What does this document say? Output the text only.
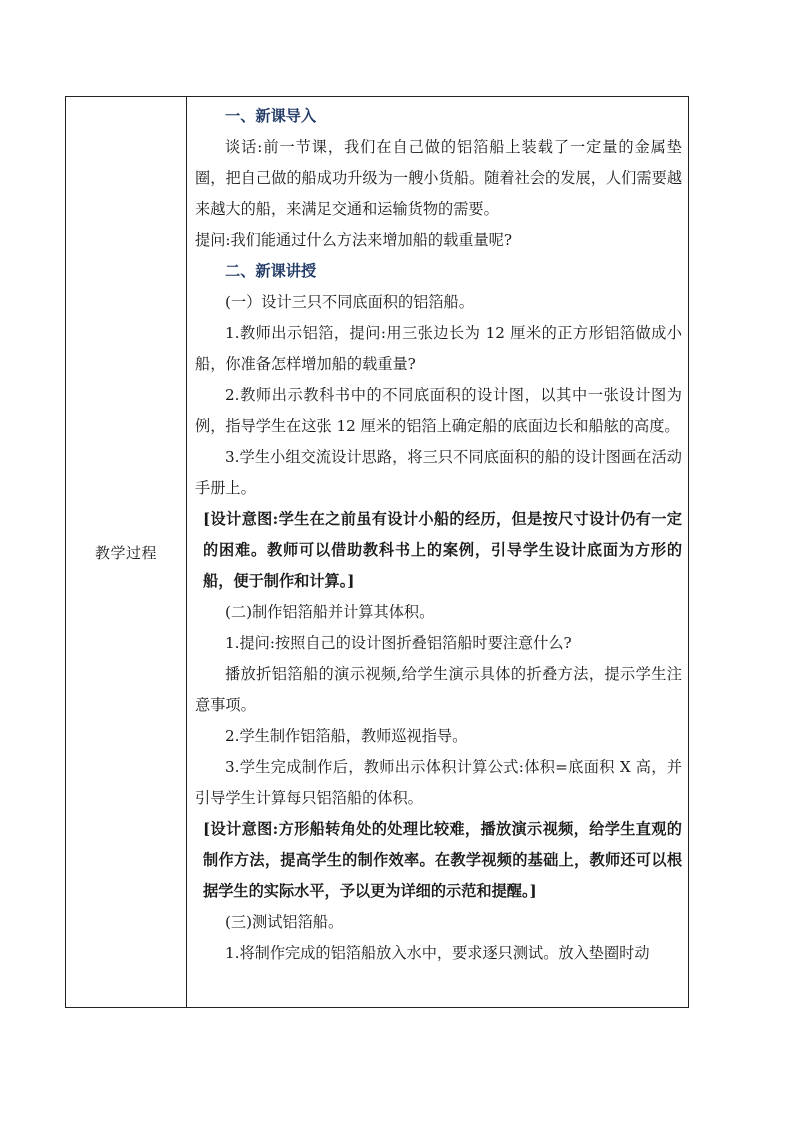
教学过程

一、新课导入

谈话:前一节课，我们在自己做的铝箔船上装载了一定量的金属垫圈，把自己做的船成功升级为一艘小货船。随着社会的发展，人们需要越来越大的船，来满足交通和运输货物的需要。

提问:我们能通过什么方法来增加船的载重量呢?

二、新课讲授

(一）设计三只不同底面积的铝箔船。

1.教师出示铝箔，提问:用三张边长为 12 厘米的正方形铝箔做成小船，你准备怎样增加船的载重量?

2.教师出示教科书中的不同底面积的设计图，以其中一张设计图为例，指导学生在这张 12 厘米的铝箔上确定船的底面边长和船舷的高度。

3.学生小组交流设计思路，将三只不同底面积的船的设计图画在活动手册上。

[设计意图:学生在之前虽有设计小船的经历，但是按尺寸设计仍有一定的困难。教师可以借助教科书上的案例，引导学生设计底面为方形的船，便于制作和计算。]

(二)制作铝箔船并计算其体积。

1.提问:按照自己的设计图折叠铝箔船时要注意什么?

播放折铝箔船的演示视频,给学生演示具体的折叠方法，提示学生注意事项。

2.学生制作铝箔船，教师巡视指导。

3.学生完成制作后，教师出示体积计算公式:体积=底面积 X 高，并引导学生计算每只铝箔船的体积。

[设计意图:方形船转角处的处理比较难，播放演示视频，给学生直观的制作方法，提高学生的制作效率。在教学视频的基础上，教师还可以根据学生的实际水平，予以更为详细的示范和提醒。]

(三)测试铝箔船。

1.将制作完成的铝箔船放入水中，要求逐只测试。放入垫圈时动
